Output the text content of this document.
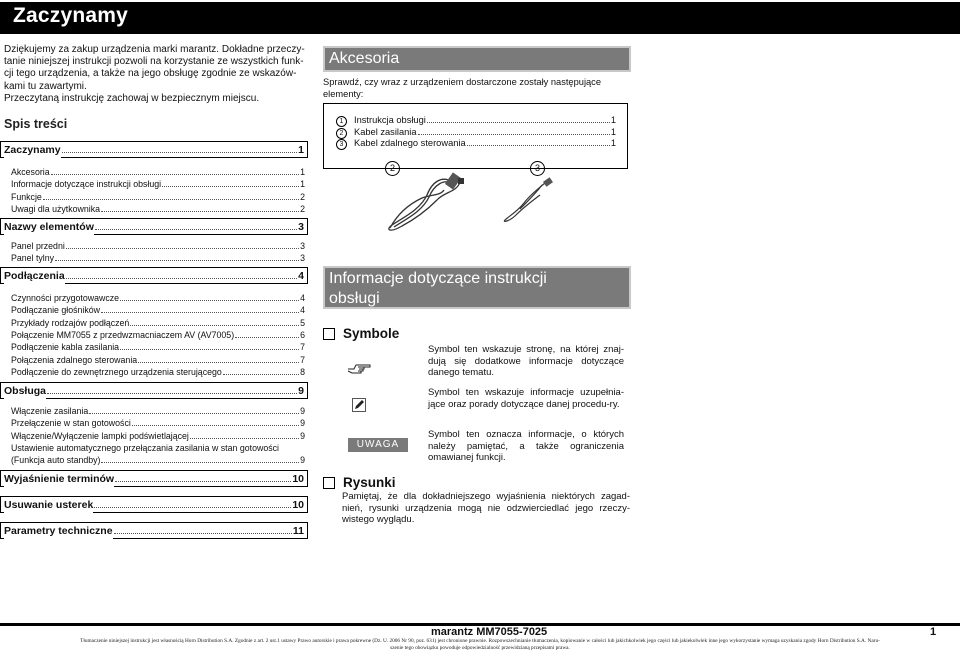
Zaczynamy
Dziękujemy za zakup urządzenia marki marantz. Dokładne przeczy-
tanie niniejszej instrukcji pozwoli na korzystanie ze wszystkich funk-
cji tego urządzenia, a także na jego obsługę zgodnie ze wskazów-
kami tu zawartymi.
Przeczytaną instrukcję zachowaj w bezpiecznym miejscu.
Spis treści
Zaczynamy	1
Akcesoria	1
Informacje dotyczące instrukcji obsługi	1
Funkcje	2
Uwagi dla użytkownika	2
Nazwy elementów	3
Panel przedni	3
Panel tylny	3
Podłączenia	4
Czynności przygotowawcze	4
Podłączanie głośników	4
Przykłady rodzajów podłączeń	5
Połączenie MM7055 z przedwzmacniaczem AV (AV7005)	6
Podłączenie kabla zasilania	7
Połączenia zdalnego sterowania	7
Podłączenie do zewnętrznego urządzenia sterującego	8
Obsługa	9
Włączenie zasilania	9
Przełączenie w stan gotowości	9
Włączenie/Wyłączenie lampki podświetlającej	9
Ustawienie automatycznego przełączania zasilania w stan gotowości
(Funkcja auto standby)	9
Wyjaśnienie terminów	10
Usuwanie usterek	10
Parametry techniczne	11
Akcesoria
Sprawdź, czy wraz z urządzeniem dostarczone zostały następujące elementy:
1	Instrukcja obsługi	1
2	Kabel zasilania	1
3	Kabel zdalnego sterowania	1
2	3
Informacje dotyczące instrukcji
obsługi
Symbole
Symbol ten wskazuje stronę, na której znaj-dują się dodatkowe informacje dotyczące danego tematu.
Symbol ten wskazuje informacje uzupełnia-jące oraz porady dotyczące danej procedu-ry.
UWAGA
Symbol ten oznacza informacje, o których należy pamiętać, a także ograniczenia omawianej funkcji.
Rysunki
Pamiętaj, że dla dokładniejszego wyjaśnienia niektórych zagad-nień, rysunki urządzenia mogą nie odzwierciedlać jego rzeczy-wistego wyglądu.
marantz MM7055-7025	1
Tłumaczenie niniejszej instrukcji jest własnością Horn Distribution S.A. Zgodnie z art. 2 ust.1 ustawy Prawo autorskie i prawa pokrewne (Dz. U. 2006 Nr 90, poz. 631) jest chronione prawnie. Rozpowszechnianie tłumaczenia, kopiowanie w całości lub jakichkolwiek jego części lub jakiekolwiek inne jego wykorzystanie wymaga uzyskania zgody Horn Distribution S.A. Naru-
szenie tego obowiązku powoduje odpowiedzialność przewidzianą przepisami prawa.
